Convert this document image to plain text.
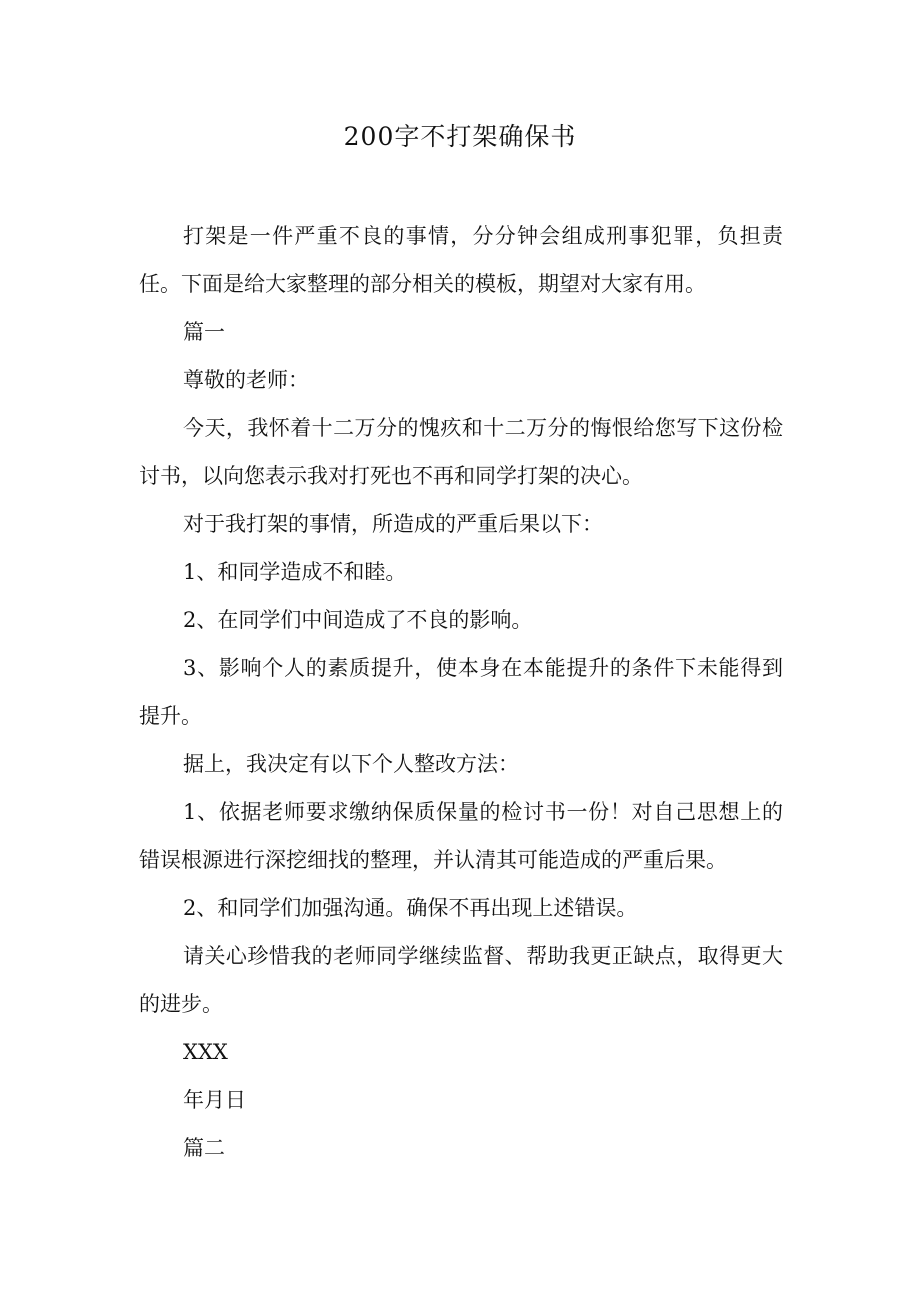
200字不打架确保书

打架是一件严重不良的事情，分分钟会组成刑事犯罪，负担责任。下面是给大家整理的部分相关的模板，期望对大家有用。

篇一

尊敬的老师：

今天，我怀着十二万分的愧疚和十二万分的悔恨给您写下这份检讨书，以向您表示我对打死也不再和同学打架的决心。

对于我打架的事情，所造成的严重后果以下：

1、和同学造成不和睦。

2、在同学们中间造成了不良的影响。

3、影响个人的素质提升，使本身在本能提升的条件下未能得到提升。

据上，我决定有以下个人整改方法：

1、依据老师要求缴纳保质保量的检讨书一份！对自己思想上的错误根源进行深挖细找的整理，并认清其可能造成的严重后果。

2、和同学们加强沟通。确保不再出现上述错误。

请关心珍惜我的老师同学继续监督、帮助我更正缺点，取得更大的进步。

XXX

年月日

篇二
